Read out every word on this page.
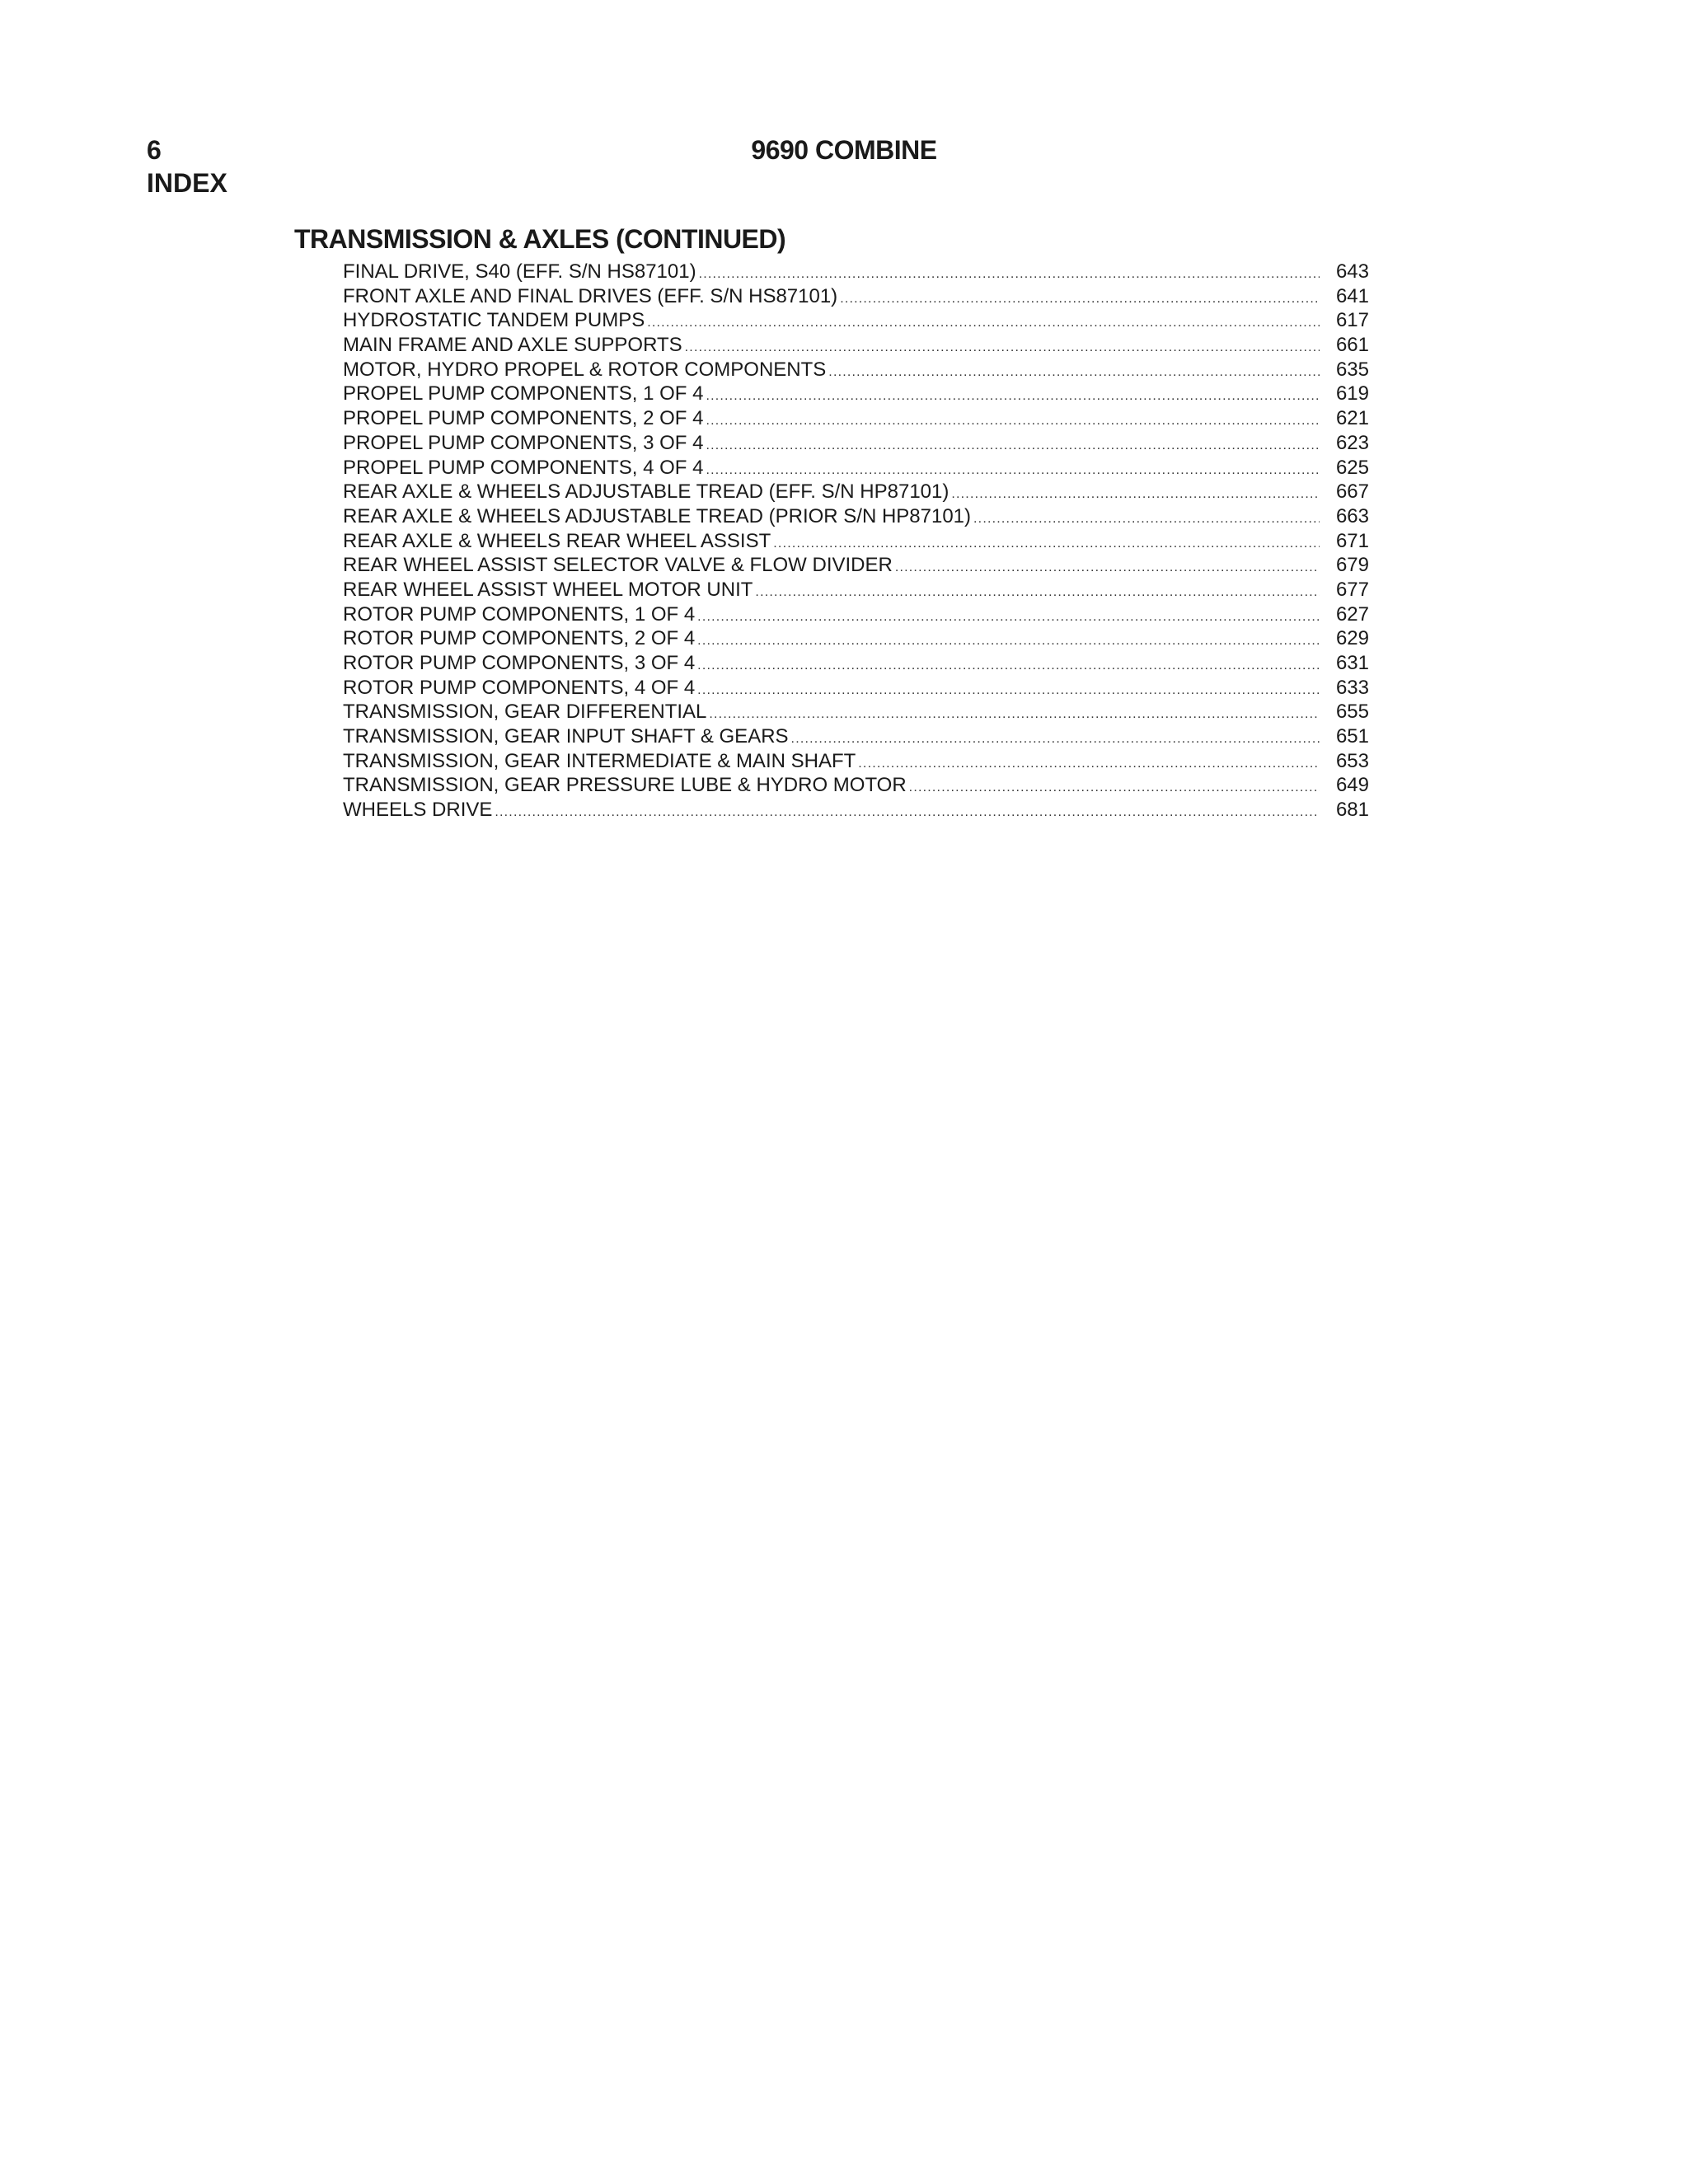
6
INDEX
9690 COMBINE
TRANSMISSION & AXLES (CONTINUED)
FINAL DRIVE, S40 (EFF. S/N HS87101) .....	643
FRONT AXLE AND FINAL DRIVES (EFF. S/N HS87101) .....	641
HYDROSTATIC TANDEM PUMPS .....	617
MAIN FRAME AND AXLE SUPPORTS .....	661
MOTOR, HYDRO PROPEL & ROTOR COMPONENTS .....	635
PROPEL PUMP COMPONENTS, 1 OF 4 .....	619
PROPEL PUMP COMPONENTS, 2 OF 4 .....	621
PROPEL PUMP COMPONENTS, 3 OF 4 .....	623
PROPEL PUMP COMPONENTS, 4 OF 4 .....	625
REAR AXLE & WHEELS ADJUSTABLE TREAD (EFF. S/N HP87101) .....	667
REAR AXLE & WHEELS ADJUSTABLE TREAD (PRIOR S/N HP87101) .....	663
REAR AXLE & WHEELS REAR WHEEL ASSIST .....	671
REAR WHEEL ASSIST SELECTOR VALVE & FLOW DIVIDER .....	679
REAR WHEEL ASSIST WHEEL MOTOR UNIT .....	677
ROTOR PUMP COMPONENTS, 1 OF 4 .....	627
ROTOR PUMP COMPONENTS, 2 OF 4 .....	629
ROTOR PUMP COMPONENTS, 3 OF 4 .....	631
ROTOR PUMP COMPONENTS, 4 OF 4 .....	633
TRANSMISSION, GEAR DIFFERENTIAL .....	655
TRANSMISSION, GEAR INPUT SHAFT & GEARS .....	651
TRANSMISSION, GEAR INTERMEDIATE & MAIN SHAFT .....	653
TRANSMISSION, GEAR PRESSURE LUBE & HYDRO MOTOR .....	649
WHEELS DRIVE .....	681
